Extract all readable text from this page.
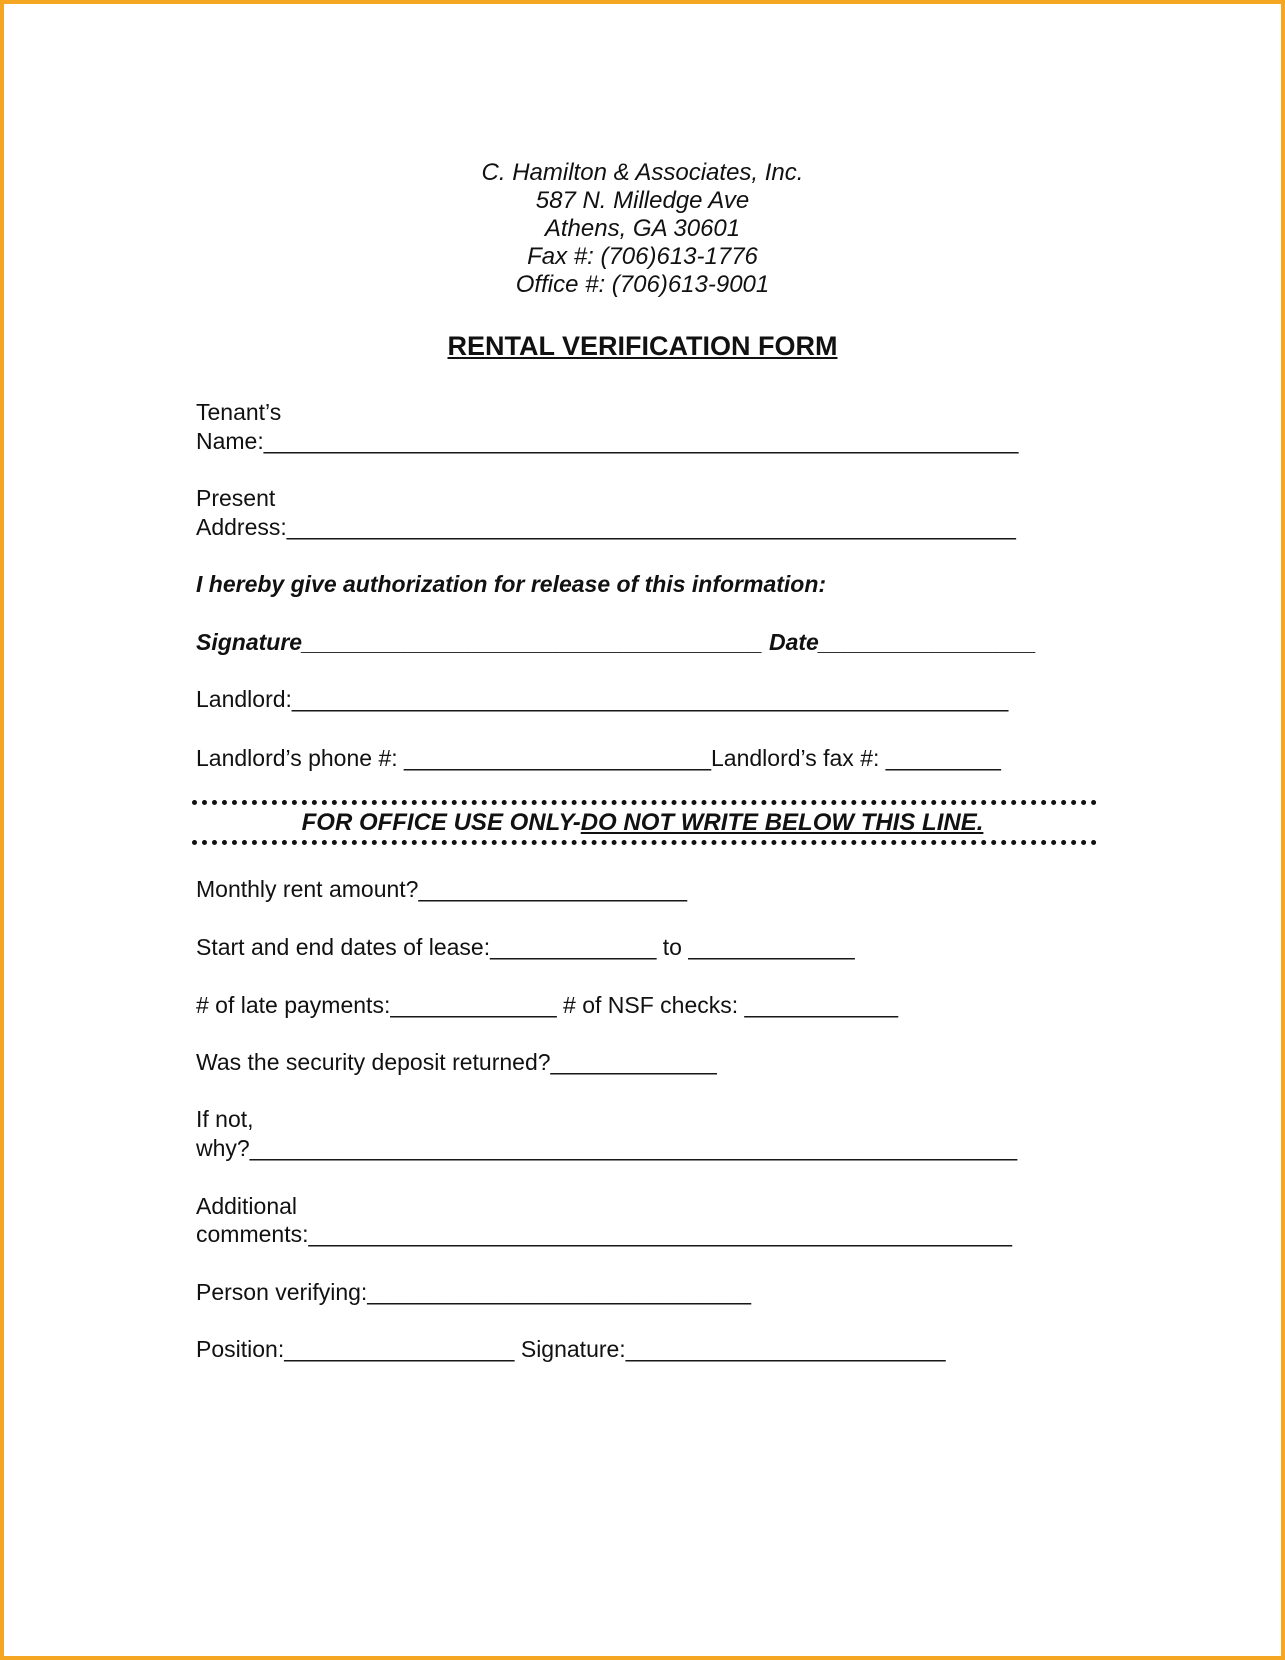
C. Hamilton & Associates, Inc.
587 N. Milledge Ave
Athens, GA 30601
Fax #: (706)613-1776
Office #: (706)613-9001
RENTAL VERIFICATION FORM
Tenant’s
Name:___________________________________________________________
Present
Address:_________________________________________________________
I hereby give authorization for release of this information:
Signature____________________________________ Date_________________
Landlord:________________________________________________________
Landlord’s phone #: ________________________Landlord’s fax #: _________
FOR OFFICE USE ONLY-DO NOT WRITE BELOW THIS LINE.
Monthly rent amount?_____________________
Start and end dates of lease:_____________ to _____________
# of late payments:_____________ # of NSF checks: ____________
Was the security deposit returned?_____________
If not,
why?____________________________________________________________
Additional
comments:_______________________________________________________
Person verifying:______________________________
Position:__________________ Signature:_________________________
